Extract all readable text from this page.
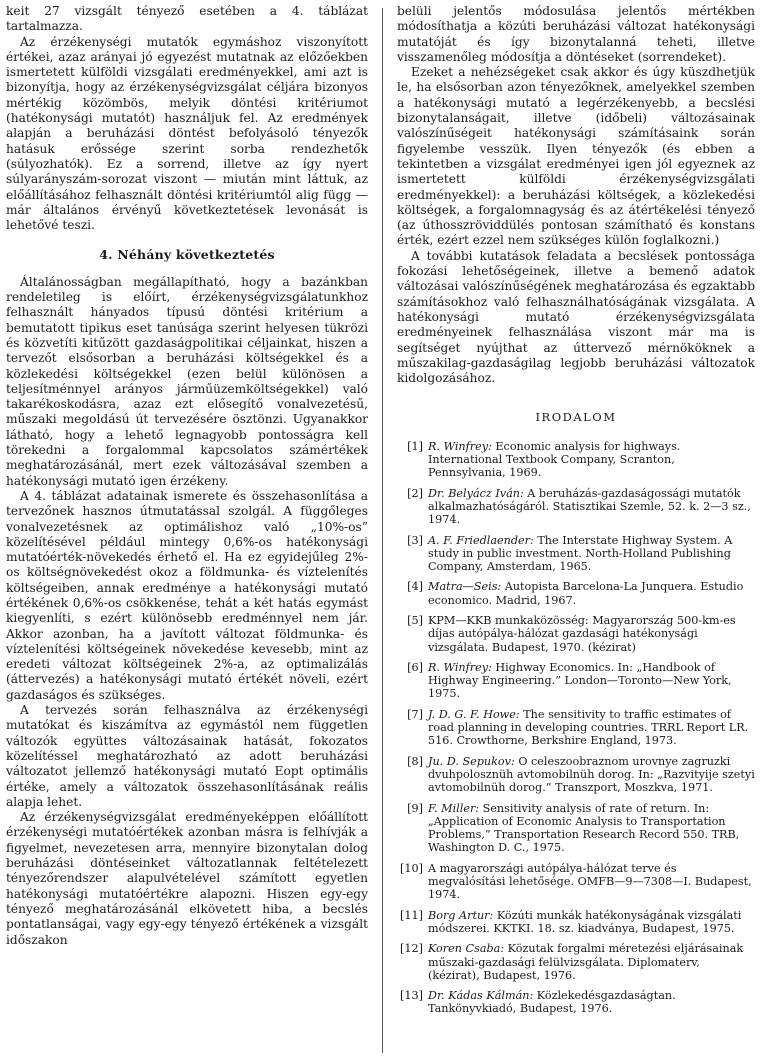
keit 27 vizsgált tényező esetében a 4. táblázat tartalmazza.

Az érzékenységi mutatók egymáshoz viszonyított értékei, azaz arányai jó egyezést mutatnak az előzőekben ismertetett külföldi vizsgálati eredményekkel, ami azt is bizonyítja, hogy az érzékenységvizsgálat céljára bizonyos mértékig közömbös, melyik döntési kritériumot (hatékonysági mutatót) használjuk fel. Az eredmények alapján a beruházási döntést befolyásoló tényezők hatásuk erőssége szerint sorba rendezhetők (súlyozhatók). Ez a sorrend, illetve az így nyert súlyarányszám-sorozat viszont — miután mint láttuk, az előállításához felhasznált döntési kritériumtól alig függ — már általános érvényű következtetések levonását is lehetővé teszi.

4. Néhány következtetés

Általánosságban megállapítható, hogy a bazánkban rendeletileg is előírt, érzékenységvizsgálatunkhoz felhasznált hányados típusú döntési kritérium a bemutatott tipikus eset tanúsága szerint helyesen tükrözi és közvetíti kitűzött gazdaságpolitikai céljainkat, hiszen a tervezőt elsősorban a beruházási költségekkel és a közlekedési költségekkel (ezen belül különösen a teljesítménnyel arányos járműüzemköltségekkel) való takarékoskodásra, azaz ezt elősegítő vonalvezetésű, műszaki megoldású út tervezésére ösztönzi. Ugyanakkor látható, hogy a lehető legnagyobb pontosságra kell törekedni a forgalommal kapcsolatos számértékek meghatározásánál, mert ezek változásával szemben a hatékonysági mutató igen érzékeny.

A 4. táblázat adatainak ismerete és összehasonlítása a tervezőnek hasznos útmutatással szolgál. A függőleges vonalvezetésnek az optimálishoz való „10%-os” közelítésével például mintegy 0,6%-os hatékonysági mutatóérték-növekedés érhető el. Ha ez egyidejűleg 2%-os költségnövekedést okoz a földmunka- és víztelenítés költségeiben, annak eredménye a hatékonysági mutató értékének 0,6%-os csökkenése, tehát a két hatás egymást kiegyenlíti, s ezért különösebb eredménnyel nem jár. Akkor azonban, ha a javított változat földmunka- és víztelenítési költségeinek növekedése kevesebb, mint az eredeti változat költségeinek 2%-a, az optimalizálás (áttervezés) a hatékonysági mutató értékét növeli, ezért gazdaságos és szükséges.

A tervezés során felhasználva az érzékenységi mutatókat és kiszámítva az egymástól nem független változók együttes változásainak hatását, fokozatos közelítéssel meghatározható az adott beruházási változatot jellemző hatékonysági mutató Eopt optimális értéke, amely a változatok összehasonlításának reális alapja lehet.

Az érzékenységvizsgálat eredményeképpen előállított érzékenységi mutatóértékek azonban másra is felhívják a figyelmet, nevezetesen arra, mennyire bizonytalan dolog beruházási döntéseinket változatlannak feltételezett tényezőrendszer alapulvételével számított egyetlen hatékonysági mutatóértékre alapozni. Hiszen egy-egy tényező meghatározásánál elkövetett hiba, a becslés pontatlanságai, vagy egy-egy tényező értékének a vizsgált időszakon

belüli jelentős módosulása jelentős mértékben módosíthatja a közúti beruházási változat hatékonysági mutatóját és így bizonytalanná teheti, illetve visszamenőleg módosítja a döntéseket (sorrendeket).

Ezeket a nehézségeket csak akkor és úgy küszdhetjük le, ha elsősorban azon tényezőknek, amelyekkel szemben a hatékonysági mutató a legérzékenyebb, a becslési bizonytalanságait, illetve (időbeli) változásainak valószínűségeit hatékonysági számításaink során figyelembe vesszük. Ilyen tényezők (és ebben a tekintetben a vizsgálat eredményei igen jól egyeznek az ismertetett külföldi érzékenységvizsgálati eredményekkel): a beruházási költségek, a közlekedési költségek, a forgalomnagyság és az átértékelési tényező (az úthosszröviddülés pontosan számítható és konstans érték, ezért ezzel nem szükséges külön foglalkozni.)

A további kutatások feladata a becslések pontossága fokozási lehetőségeinek, illetve a bemenő adatok változásai valószínűségének meghatározása és egzaktabb számításokhoz való felhasználhatóságának vizsgálata. A hatékonysági mutató érzékenységvizsgálata eredményeinek felhasználása viszont már ma is segítséget nyújthat az úttervező mérnököknek a műszakilag-gazdaságilag legjobb beruházási változatok kidolgozásához.

IRODALOM
[1] R. Winfrey: Economic analysis for highways. International Textbook Company, Scranton, Pennsylvania, 1969.
[2] Dr. Belyácz Iván: A beruházás-gazdaságossági mutatók alkalmazhatóságáról. Statisztikai Szemle, 52. k. 2—3 sz., 1974.
[3] A. F. Friedlaender: The Interstate Highway System. A study in public investment. North-Holland Publishing Company, Amsterdam, 1965.
[4] Matra—Seis: Autopista Barcelona-La Junquera. Estudio economico. Madrid, 1967.
[5] KPM—KKB munkaközösség: Magyarország 500-km-es díjas autópálya-hálózat gazdasági hatékonysági vizsgálata. Budapest, 1970. (kézirat)
[6] R. Winfrey: Highway Economics. In: „Handbook of Highway Engineering.” London—Toronto—New York, 1975.
[7] J. D. G. F. Howe: The sensitivity to traffic estimates of road planning in developing countries. TRRL Report LR. 516. Crowthorne, Berkshire England, 1973.
[8] Ju. D. Sepukov: O celeszoobraznom urovnye zagruzki dvuhpolosznüh avtomobilnüh dorog. In: „Razvityije szetyi avtomobilnüh dorog.” Transzport, Moszkva, 1971.
[9] F. Miller: Sensitivity analysis of rate of return. In: „Application of Economic Analysis to Transportation Problems,” Transportation Research Record 550. TRB, Washington D. C., 1975.
[10] A magyarországi autópálya-hálózat terve és megvalósítási lehetősége. OMFB—9—7308—I. Budapest, 1974.
[11] Borg Artur: Közúti munkák hatékonyságának vizsgálati módszerei. KKTKI. 18. sz. kiadványa, Budapest, 1975.
[12] Koren Csaba: Közutak forgalmi méretezési eljárásainak műszaki-gazdasági felülvizsgálata. Diplomaterv, (kézirat), Budapest, 1976.
[13] Dr. Kádas Kálmán: Közlekedésgazdaságtan. Tankönyvkiadó, Budapest, 1976.
